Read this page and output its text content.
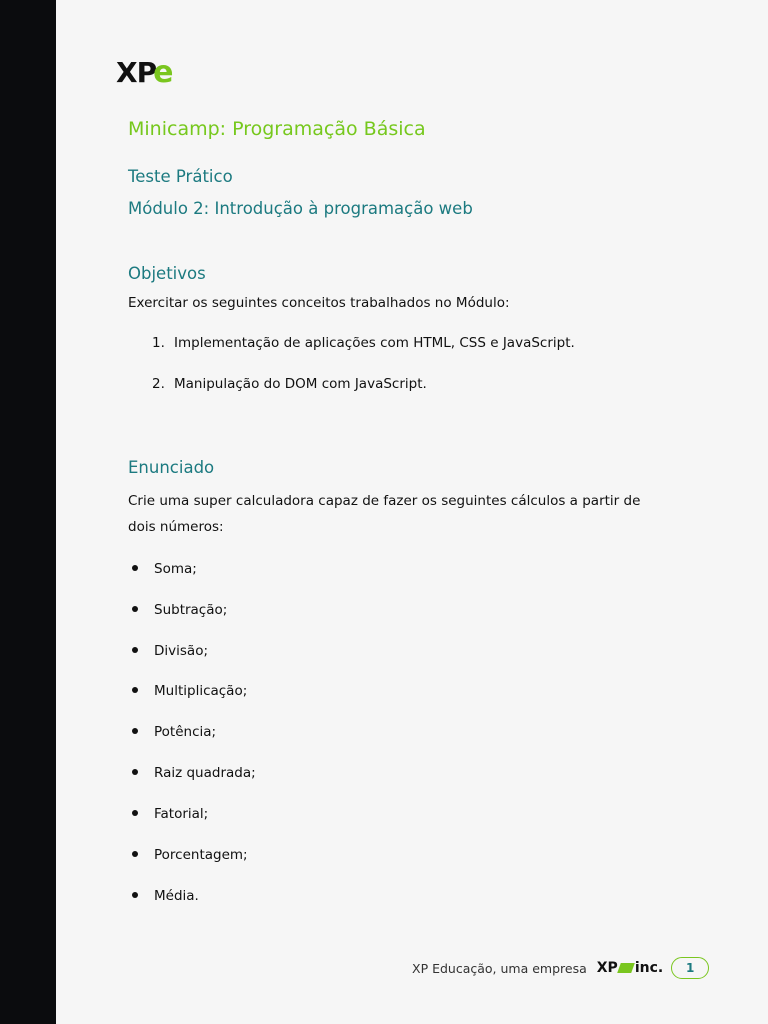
XP
e
Minicamp: Programação Básica
Teste Prático
Módulo 2: Introdução à programação web
Objetivos
Exercitar os seguintes conceitos trabalhados no Módulo:
1. Implementação de aplicações com HTML, CSS e JavaScript.
2. Manipulação do DOM com JavaScript.
Enunciado
Crie uma super calculadora capaz de fazer os seguintes cálculos a partir de
dois números:
Soma;
Subtração;
Divisão;
Multiplicação;
Potência;
Raiz quadrada;
Fatorial;
Porcentagem;
Média.
XP Educação, uma empresa XP inc.	1
